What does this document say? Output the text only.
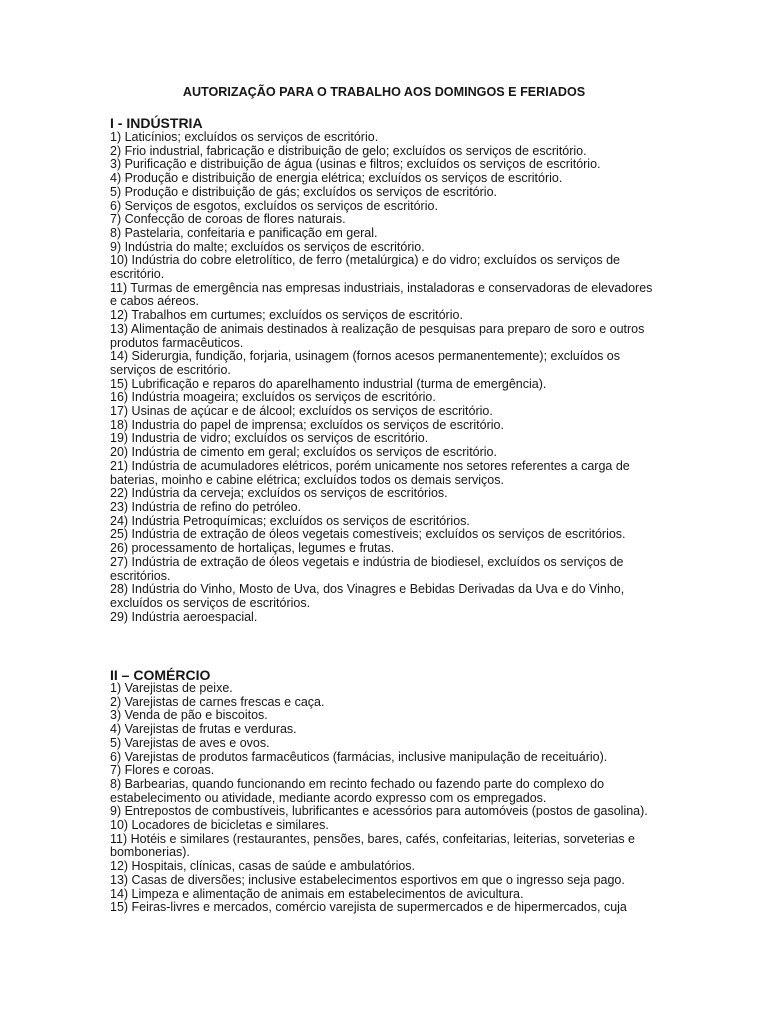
AUTORIZAÇÃO PARA O TRABALHO AOS DOMINGOS E FERIADOS
I - INDÚSTRIA
1) Laticínios; excluídos os serviços de escritório.
2) Frio industrial, fabricação e distribuição de gelo; excluídos os serviços de escritório.
3) Purificação e distribuição de água (usinas e filtros; excluídos os serviços de escritório.
4) Produção e distribuição de energia elétrica; excluídos os serviços de escritório.
5) Produção e distribuição de gás; excluídos os serviços de escritório.
6) Serviços de esgotos, excluídos os serviços de escritório.
7) Confecção de coroas de flores naturais.
8) Pastelaria, confeitaria e panificação em geral.
9) Indústria do malte; excluídos os serviços de escritório.
10) Indústria do cobre eletrolítico, de ferro (metalúrgica) e do vidro; excluídos os serviços de escritório.
11) Turmas de emergência nas empresas industriais, instaladoras e conservadoras de elevadores e cabos aéreos.
12) Trabalhos em curtumes; excluídos os serviços de escritório.
13) Alimentação de animais destinados à realização de pesquisas para preparo de soro e outros produtos farmacêuticos.
14) Siderurgia, fundição, forjaria, usinagem (fornos acesos permanentemente); excluídos os serviços de escritório.
15) Lubrificação e reparos do aparelhamento industrial (turma de emergência).
16) Indústria moageira; excluídos os serviços de escritório.
17) Usinas de açúcar e de álcool; excluídos os serviços de escritório.
18) Industria do papel de imprensa; excluídos os serviços de escritório.
19) Industria de vidro; excluídos os serviços de escritório.
20) Indústria de cimento em geral; excluídos os serviços de escritório.
21) Indústria de acumuladores elétricos, porém unicamente nos setores referentes a carga de baterias, moinho e cabine elétrica; excluídos todos os demais serviços.
22) Indústria da cerveja; excluídos os serviços de escritórios.
23) Indústria de refino do petróleo.
24) Indústria Petroquímicas; excluídos os serviços de escritórios.
25) Indústria de extração de óleos vegetais comestíveis; excluídos os serviços de escritórios.
26) processamento de hortaliças, legumes e frutas.
27) Indústria de extração de óleos vegetais e indústria de biodiesel, excluídos os serviços de escritórios.
28) Indústria do Vinho, Mosto de Uva, dos Vinagres e Bebidas Derivadas da Uva e do Vinho, excluídos os serviços de escritórios.
29) Indústria aeroespacial.
II – COMÉRCIO
1) Varejistas de peixe.
2) Varejistas de carnes frescas e caça.
3) Venda de pão e biscoitos.
4) Varejistas de frutas e verduras.
5) Varejistas de aves e ovos.
6) Varejistas de produtos farmacêuticos (farmácias, inclusive manipulação de receituário).
7) Flores e coroas.
8) Barbearias, quando funcionando em recinto fechado ou fazendo parte do complexo do estabelecimento ou atividade, mediante acordo expresso com os empregados.
9) Entrepostos de combustíveis, lubrificantes e acessórios para automóveis (postos de gasolina).
10) Locadores de bicicletas e similares.
11) Hotéis e similares (restaurantes, pensões, bares, cafés, confeitarias, leiterias, sorveterias e bombonerias).
12) Hospitais, clínicas, casas de saúde e ambulatórios.
13) Casas de diversões; inclusive estabelecimentos esportivos em que o ingresso seja pago.
14) Limpeza e alimentação de animais em estabelecimentos de avicultura.
15) Feiras-livres e mercados, comércio varejista de supermercados e de hipermercados, cuja
